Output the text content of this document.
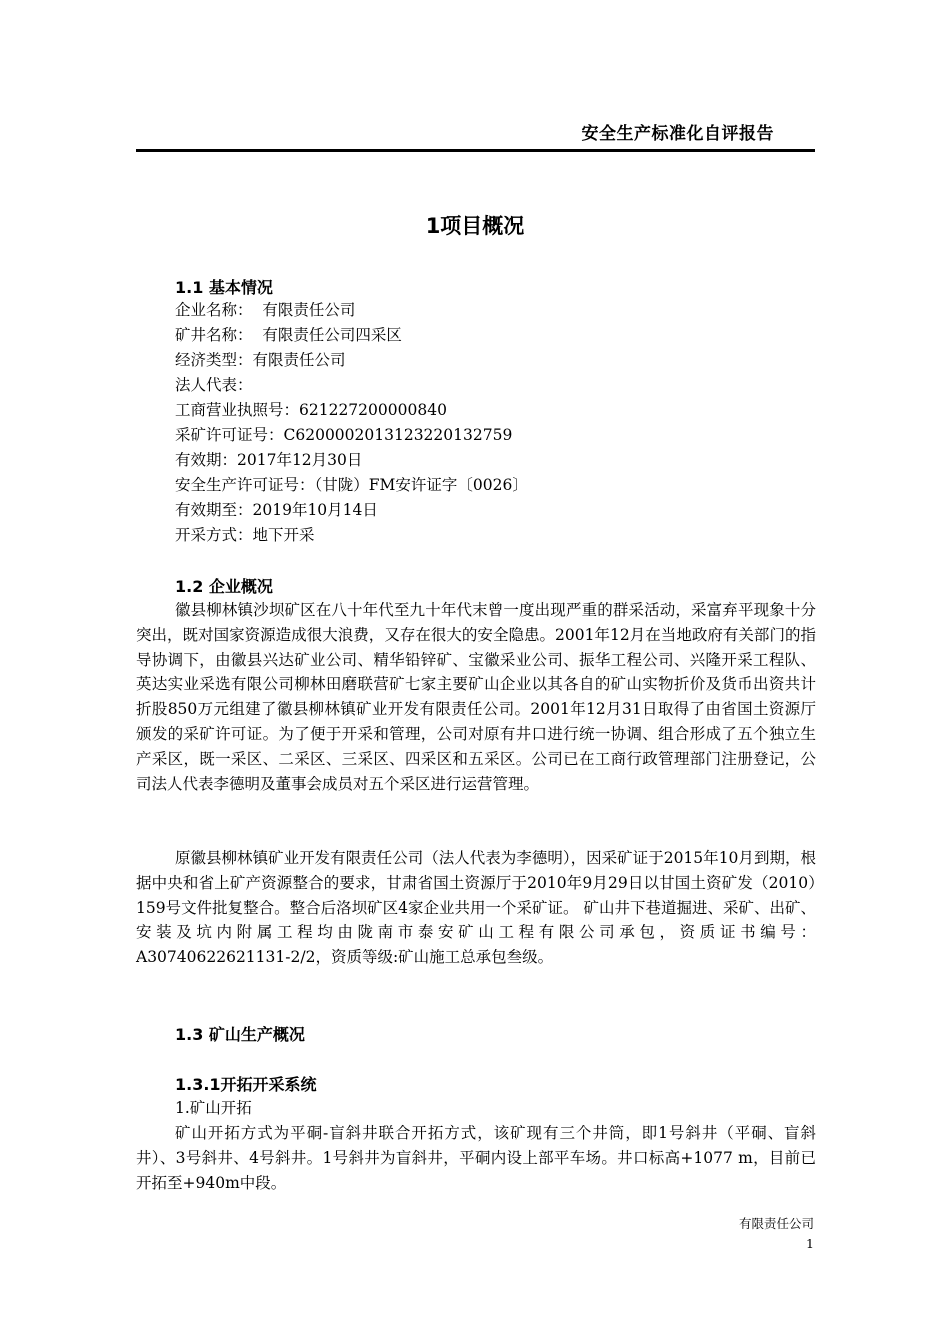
安全生产标准化自评报告
1项目概况
1.1 基本情况
企业名称：  有限责任公司
矿井名称：  有限责任公司四采区
经济类型：有限责任公司
法人代表：
工商营业执照号：621227200000840
采矿许可证号：C6200002013123220132759
有效期：2017年12月30日
安全生产许可证号：（甘陇）FM安许证字〔0026〕
有效期至：2019年10月14日
开采方式：地下开采
1.2 企业概况

徽县柳林镇沙坝矿区在八十年代至九十年代末曾一度出现严重的群采活动，采富弃平现象十分突出，既对国家资源造成很大浪费，又存在很大的安全隐患。2001年12月在当地政府有关部门的指导协调下，由徽县兴达矿业公司、精华铅锌矿、宝徽采业公司、振华工程公司、兴隆开采工程队、英达实业采选有限公司柳林田磨联营矿七家主要矿山企业以其各自的矿山实物折价及货币出资共计折股850万元组建了徽县柳林镇矿业开发有限责任公司。2001年12月31日取得了由省国土资源厅颁发的采矿许可证。为了便于开采和管理，公司对原有井口进行统一协调、组合形成了五个独立生产采区，既一采区、二采区、三采区、四采区和五采区。公司已在工商行政管理部门注册登记，公司法人代表李德明及董事会成员对五个采区进行运营管理。

原徽县柳林镇矿业开发有限责任公司（法人代表为李德明），因采矿证于2015年10月到期，根据中央和省上矿产资源整合的要求，甘肃省国土资源厅于2010年9月29日以甘国土资矿发（2010）159号文件批复整合。整合后洛坝矿区4家企业共用一个采矿证。 矿山井下巷道掘进、采矿、出矿、安装及坑内附属工程均由陇南市泰安矿山工程有限公司承包，资质证书编号：A30740622621131-2/2，资质等级:矿山施工总承包叁级。

1.3 矿山生产概况
1.3.1开拓开采系统

1.矿山开拓

矿山开拓方式为平硐-盲斜井联合开拓方式，该矿现有三个井筒，即1号斜井（平硐、盲斜井）、3号斜井、4号斜井。1号斜井为盲斜井，平硐内设上部平车场。井口标高+1077 m，目前已开拓至+940m中段。

有限责任公司
1
